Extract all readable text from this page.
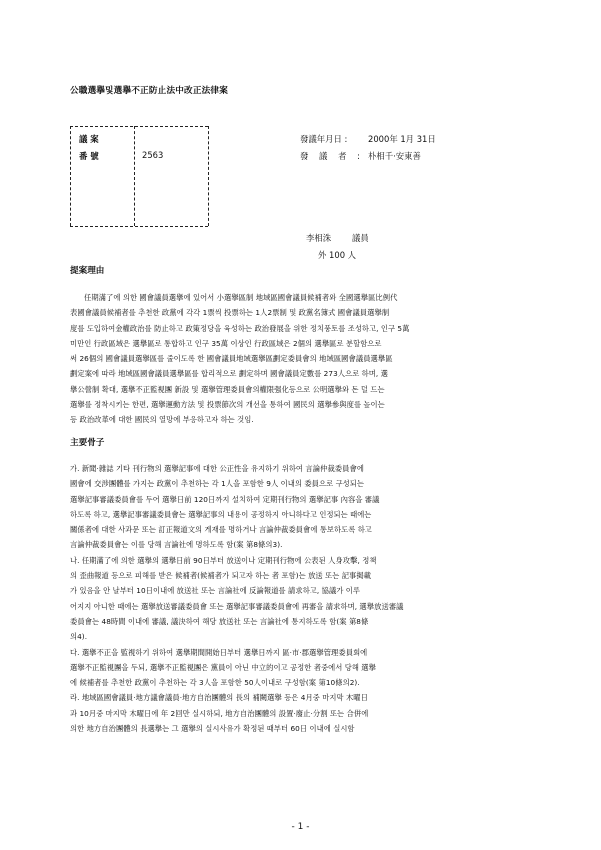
公職選擧및選擧不正防止法中改正法律案
議 案
番 號	2563
發議年月日 : 2000年 1月 31日
發 議 者 : 朴相千·安東善
李相洙 議員
外 100 人
提案理由

任期滿了에 의한 國會議員選擧에 있어서 小選擧區制 地域區國會議員候補者와 全國選擧區比例代

表國會議員候補者를 추천한 政黨에 각각 1票씩 投票하는 1人2票制 및 政黨名簿式 國會議員選擧制

度를 도입하여金權政治를 防止하고 政策정당을 육성하는 政治發展을 위한 정치풍토를 조성하고, 인구 5萬

미만인 行政區域은 選擧區로 통합하고 인구 35萬 이상인 行政區域은 2個의 選擧區로 분할함으로

써 26個의 國會議員選擧區를 줄이도록 한 國會議員地域選擧區劃定委員會의 地域區國會議員選擧區

劃定案에 따라 地域區國會議員選擧區를 합리적으로 劃定하며 國會議員定數를 273人으로 하며, 選

擧公營制 확대, 選擧不正監視團 新設 및 選擧管理委員會의權限强化등으로 公明選擧와 돈 덜 드는

選擧를 정착시키는 한편, 選擧運動方法 및 投票節次의 개선을 통하여 國民의 選擧參與度를 높이는

등 政治改革에 대한 國民의 열망에 부응하고자 하는 것임.

主要骨子

가. 新聞·雜誌 기타 刊行物의 選擧記事에 대한 公正性을 유지하기 위하여 言論仲裁委員會에

國會에 交涉團體를 가지는 政黨이 추천하는 각 1人을 포함한 9人 이내의 委員으로 구성되는

選擧記事審議委員會를 두어 選擧日前 120日까지 설치하여 定期刊行物의 選擧記事 內容을 審議

하도록 하고, 選擧記事審議委員會는 選擧記事의 내용이 공정하지 아니하다고 인정되는 때에는

關係者에 대한 사과문 또는 訂正報道文의 게재를 명하거나 言論仲裁委員會에 통보하도록 하고

言論仲裁委員會는 이를 당해 言論社에 명하도록 함(案 第8條의3).

나. 任期滿了에 의한 選擧의 選擧日前 90日부터 放送이나 定期刊行物에 公表된 人身攻擊, 정책

의 歪曲報道 등으로 피해를 받은 候補者(候補者가 되고자 하는 者 포함)는 放送 또는 記事掲載

가 있음을 안 날부터 10日이내에 放送社 또는 言論社에 反論報道를 請求하고, 協議가 이루

어지지 아니한 때에는 選擧放送審議委員會 또는 選擧記事審議委員會에 再審을 請求하며, 選擧放送審議

委員會는 48時間 이내에 審議, 議決하여 해당 放送社 또는 言論社에 통지하도록 함(案 第8條

의4).

다. 選擧不正을 監視하기 위하여 選擧期間開始日부터 選擧日까지 區·市·郡選擧管理委員회에

選擧不正監視團을 두되, 選擧不正監視團은 黨員이 아닌 中立的이고 공정한 者중에서 당해 選擧

에 候補者를 추천한 政黨이 추천하는 각 3人을 포함한 50人이내로 구성함(案 第10條의2).

라. 地域區國會議員·地方議會議員·地方自治團體의 長의 補闕選擧 등은 4月중 마지막 木曜日

과 10月중 마지막 木曜日에 年 2回만 실시하되, 地方自治團體의 設置·廢止·分割 또는 合倂에

의한 地方自治團體의 長選擧는 그 選擧의 실시사유가 확정된 때부터 60日 이내에 실시함

- 1 -
